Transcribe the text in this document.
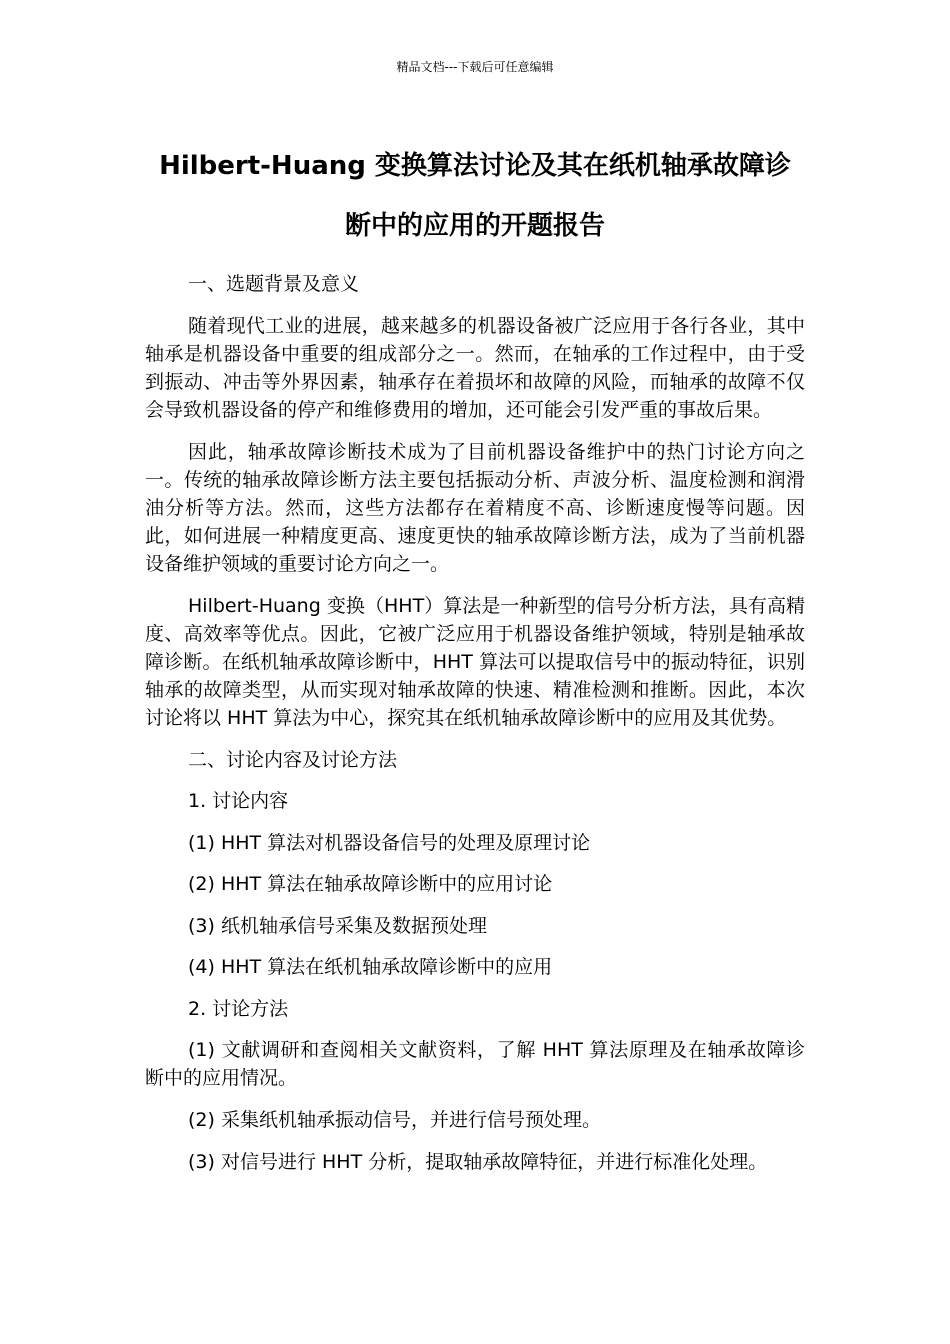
精品文档---下载后可任意编辑
Hilbert-Huang 变换算法讨论及其在纸机轴承故障诊
断中的应用的开题报告

一、选题背景及意义

随着现代工业的进展，越来越多的机器设备被广泛应用于各行各业，其中轴承是机器设备中重要的组成部分之一。然而，在轴承的工作过程中，由于受到振动、冲击等外界因素，轴承存在着损坏和故障的风险，而轴承的故障不仅会导致机器设备的停产和维修费用的增加，还可能会引发严重的事故后果。

因此，轴承故障诊断技术成为了目前机器设备维护中的热门讨论方向之一。传统的轴承故障诊断方法主要包括振动分析、声波分析、温度检测和润滑油分析等方法。然而，这些方法都存在着精度不高、诊断速度慢等问题。因此，如何进展一种精度更高、速度更快的轴承故障诊断方法，成为了当前机器设备维护领域的重要讨论方向之一。

Hilbert-Huang 变换（HHT）算法是一种新型的信号分析方法，具有高精度、高效率等优点。因此，它被广泛应用于机器设备维护领域，特别是轴承故障诊断。在纸机轴承故障诊断中，HHT 算法可以提取信号中的振动特征，识别轴承的故障类型，从而实现对轴承故障的快速、精准检测和推断。因此，本次讨论将以 HHT 算法为中心，探究其在纸机轴承故障诊断中的应用及其优势。

二、讨论内容及讨论方法

1. 讨论内容

(1) HHT 算法对机器设备信号的处理及原理讨论

(2) HHT 算法在轴承故障诊断中的应用讨论

(3) 纸机轴承信号采集及数据预处理

(4) HHT 算法在纸机轴承故障诊断中的应用

2. 讨论方法

(1) 文献调研和查阅相关文献资料，了解 HHT 算法原理及在轴承故障诊断中的应用情况。

(2) 采集纸机轴承振动信号，并进行信号预处理。

(3) 对信号进行 HHT 分析，提取轴承故障特征，并进行标准化处理。
